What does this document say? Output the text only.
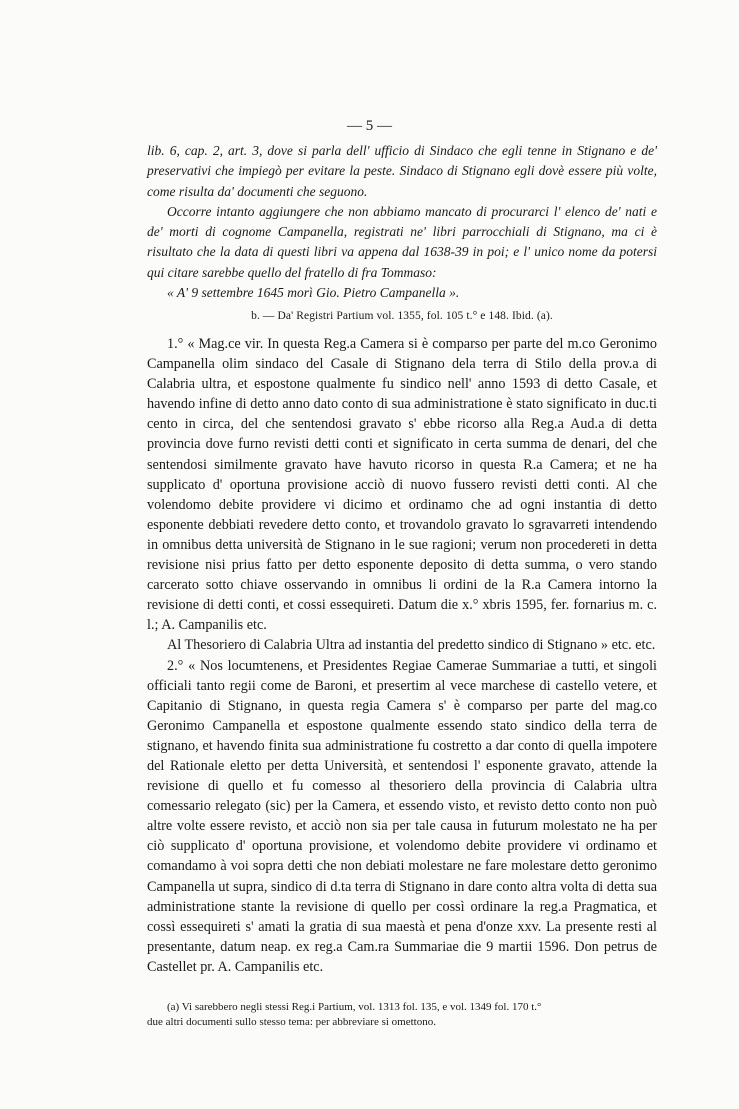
— 5 —

lib. 6, cap. 2, art. 3, dove si parla dell' ufficio di Sindaco che egli tenne in Stignano e de' preservativi che impiegò per evitare la peste. Sindaco di Stignano egli dovè essere più volte, come risulta da' documenti che seguono.

Occorre intanto aggiungere che non abbiamo mancato di procurarci l' elenco de' nati e de' morti di cognome Campanella, registrati ne' libri parrocchiali di Stignano, ma ci è risultato che la data di questi libri va appena dal 1638-39 in poi; e l' unico nome da potersi qui citare sarebbe quello del fratello di fra Tommaso:

« A' 9 settembre 1645 morì Gio. Pietro Campanella ».

b. — Da' Registri Partium vol. 1355, fol. 105 t.° e 148. Ibid. (a).

1.° « Mag.ce vir. In questa Reg.a Camera si è comparso per parte del m.co Geronimo Campanella olim sindaco del Casale di Stignano dela terra di Stilo della prov.a di Calabria ultra, et espostone qualmente fu sindico nell' anno 1593 di detto Casale, et havendo infine di detto anno dato conto di sua administratione è stato significato in duc.ti cento in circa, del che sentendosi gravato s' ebbe ricorso alla Reg.a Aud.a di detta provincia dove furno revisti detti conti et significato in certa summa de denari, del che sentendosi similmente gravato have havuto ricorso in questa R.a Camera; et ne ha supplicato d' oportuna provisione acciò di nuovo fussero revisti detti conti. Al che volendomo debite providere vi dicimo et ordinamo che ad ogni instantia di detto esponente debbiati revedere detto conto, et trovandolo gravato lo sgravarreti intendendo in omnibus detta università de Stignano in le sue ragioni; verum non procedereti in detta revisione nisi prius fatto per detto esponente deposito di detta summa, o vero stando carcerato sotto chiave osservando in omnibus li ordini de la R.a Camera intorno la revisione di detti conti, et cossi essequireti. Datum die x.° xbris 1595, fer. fornarius m. c. l.; A. Campanilis etc.

Al Thesoriero di Calabria Ultra ad instantia del predetto sindico di Stignano » etc. etc.

2.° « Nos locumtenens, et Presidentes Regiae Camerae Summariae a tutti, et singoli officiali tanto regii come de Baroni, et presertim al vece marchese di castello vetere, et Capitanio di Stignano, in questa regia Camera s' è comparso per parte del mag.co Geronimo Campanella et espostone qualmente essendo stato sindico della terra de stignano, et havendo finita sua administratione fu costretto a dar conto di quella impotere del Rationale eletto per detta Università, et sentendosi l' esponente gravato, attende la revisione di quello et fu comesso al thesoriero della provincia di Calabria ultra comessario relegato (sic) per la Camera, et essendo visto, et revisto detto conto non può altre volte essere revisto, et acciò non sia per tale causa in futurum molestato ne ha per ciò supplicato d' oportuna provisione, et volendomo debite providere vi ordinamo et comandamo à voi sopra detti che non debiati molestare ne fare molestare detto geronimo Campanella ut supra, sindico di d.ta terra di Stignano in dare conto altra volta di detta sua administratione stante la revisione di quello per cossì ordinare la reg.a Pragmatica, et cossì essequireti s' amati la gratia di sua maestà et pena d'onze xxv. La presente resti al presentante, datum neap. ex reg.a Cam.ra Summariae die 9 martii 1596. Don petrus de Castellet pr. A. Campanilis etc.

(a) Vi sarebbero negli stessi Reg.i Partium, vol. 1313 fol. 135, e vol. 1349 fol. 170 t.°

due altri documenti sullo stesso tema: per abbreviare si omettono.
